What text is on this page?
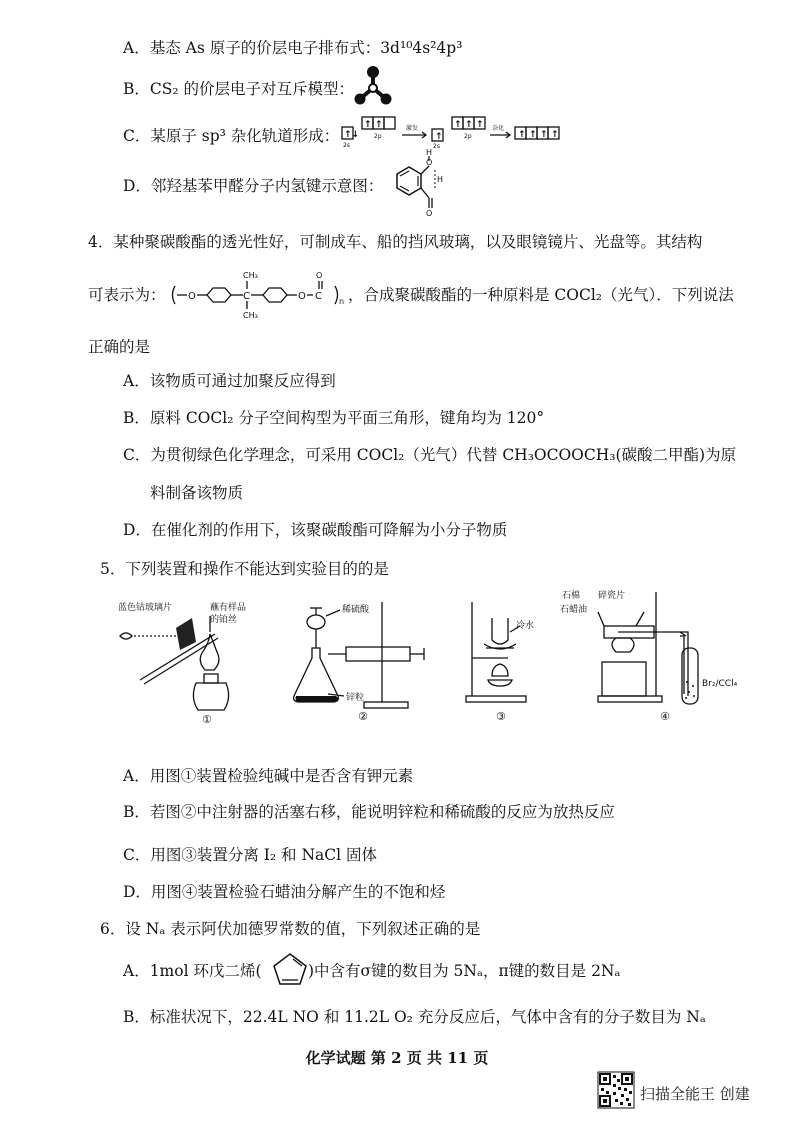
A．基态 As 原子的价层电子排布式：3d¹⁰4s²4p³
B．CS₂ 的价层电子对互斥模型：
C．某原子 sp³ 杂化轨道形成： ↑↓
↑ ↑
↑
↑ ↑ ↑
↑ ↑ ↑ ↑
2s
2p
激发
2s
2p
杂化
D．邻羟基苯甲醛分子内氢键示意图：
H
O
H
O
4．某种聚碳酸酯的透光性好，可制成车、船的挡风玻璃，以及眼镜镜片、光盘等。其结构
可表示为： O	C	O C
CH₃
CH₃
O
n ，合成聚碳酸酯的一种原料是 COCl₂（光气）．下列说法
正确的是
A．该物质可通过加聚反应得到
B．原料 COCl₂ 分子空间构型为平面三角形，键角均为 120°
C．为贯彻绿色化学理念，可采用 COCl₂（光气）代替 CH₃OCOOCH₃(碳酸二甲酯)为原
料制备该物质
D．在催化剂的作用下，该聚碳酸酯可降解为小分子物质
5．下列装置和操作不能达到实验目的的是
蓝色钴玻璃片	蘸有样品
的铂丝
①
稀硫酸
锌粒
②
冷水
③
石棉 碎瓷片
石蜡油
Br₂/CCl₄
④
A．用图①装置检验纯碱中是否含有钾元素
B．若图②中注射器的活塞右移，能说明锌粒和稀硫酸的反应为放热反应
C．用图③装置分离 I₂ 和 NaCl 固体
D．用图④装置检验石蜡油分解产生的不饱和烃
6．设 Nₐ 表示阿伏加德罗常数的值，下列叙述正确的是
A．1mol 环戊二烯(	)中含有σ键的数目为 5Nₐ，π键的数目是 2Nₐ
B．标准状况下，22.4L NO 和 11.2L O₂ 充分反应后，气体中含有的分子数目为 Nₐ
化学试题 第 2 页 共 11 页
扫描全能王 创建
